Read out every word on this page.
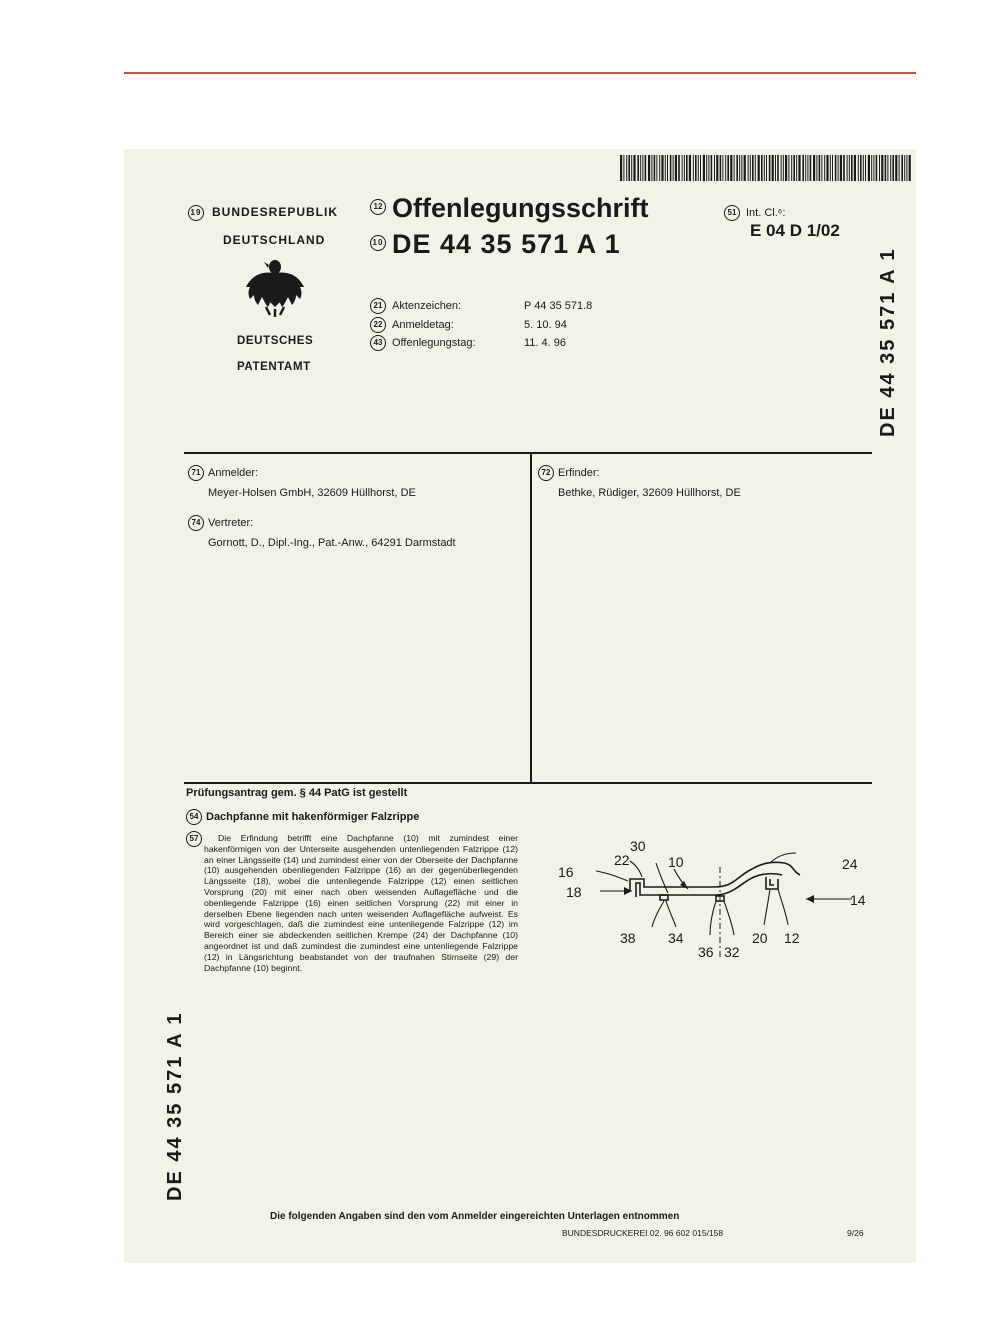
19 BUNDESREPUBLIK
DEUTSCHLAND
DEUTSCHES
PATENTAMT
12 Offenlegungsschrift
10 DE 44 35 571 A 1
51 Int. Cl.⁶:
E 04 D 1/02
21 Aktenzeichen:	P 44 35 571.8
22 Anmeldetag:	5. 10. 94
43 Offenlegungstag:	11. 4. 96	DE 44 35 571 A 1
71 Anmelder:
Meyer-Holsen GmbH, 32609 Hüllhorst, DE
74 Vertreter:
Gornott, D., Dipl.-Ing., Pat.-Anw., 64291 Darmstadt
72 Erfinder:
Bethke, Rüdiger, 32609 Hüllhorst, DE
Prüfungsantrag gem. § 44 PatG ist gestellt
54 Dachpfanne mit hakenförmiger Falzrippe
57	Die Erfindung betrifft eine Dachpfanne (10) mit zumindest einer hakenförmigen von der Unterseite ausgehenden untenliegenden Falzrippe (12) an einer Längsseite (14) und zumindest einer von der Oberseite der Dachpfanne (10) ausgehenden obenliegenden Falzrippe (16) an der gegenüberliegenden Längsseite (18), wobei die untenliegende Falzrippe (12) einen seitlichen Vorsprung (20) mit einer nach oben weisenden Auflagefläche und die obenliegende Falzrippe (16) einen seitlichen Vorsprung (22) mit einer in derselben Ebene liegenden nach unten weisenden Auflagefläche aufweist. Es wird vorgeschlagen, daß die zumindest eine untenliegende Falzrippe (12) im Bereich einer sie abdeckenden seitlichen Krempe (24) der Dachpfanne (10) angeordnet ist und daß zumindest die zumindest eine untenliegende Falzrippe (12) in Längsrichtung beabstandet von der traufnahen Stirnseite (29) der Dachpfanne (10) beginnt.

30
22	10
16	24
18	14
38 34
36 32
20 12
DE 44 35 571 A 1
Die folgenden Angaben sind den vom Anmelder eingereichten Unterlagen entnommen
BUNDESDRUCKEREI 02. 96 602 015/158	9/26
